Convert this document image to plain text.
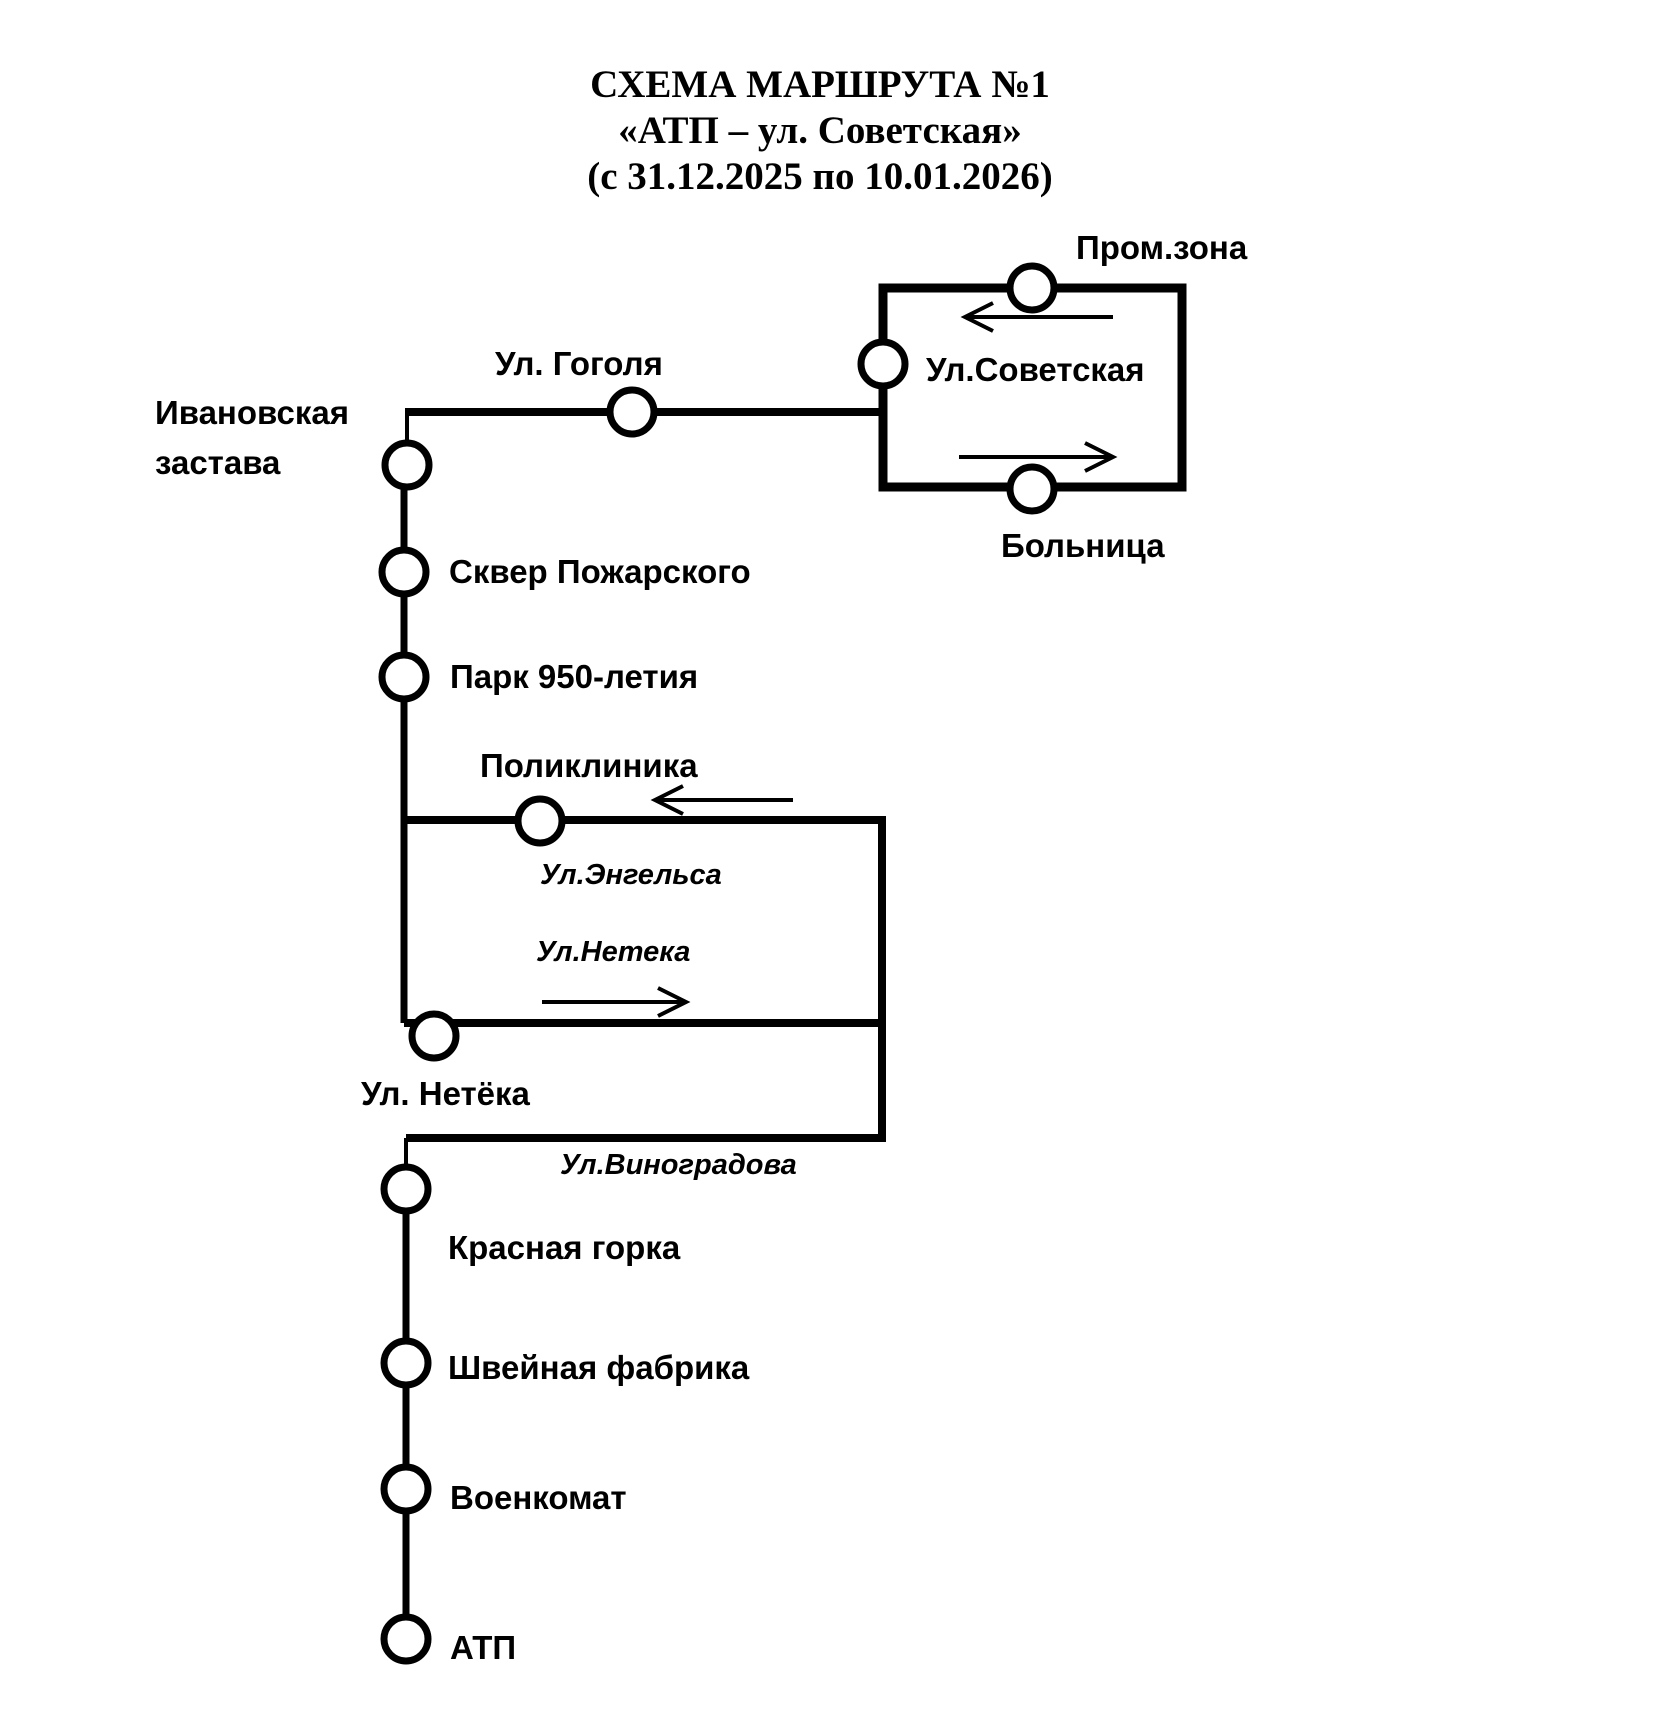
СХЕМА МАРШРУТА №1
«АТП – ул. Советская»
(с 31.12.2025 по 10.01.2026)
Пром.зона
Ул.Советская
Больница
Ул. Гоголя
Ивановская
застава
Сквер Пожарского
Парк 950-летия
Поликлиника
Ул. Нетёка
Красная горка
Швейная фабрика
Военкомат
АТП
Ул.Энгельса
Ул.Нетека
Ул.Виноградова
